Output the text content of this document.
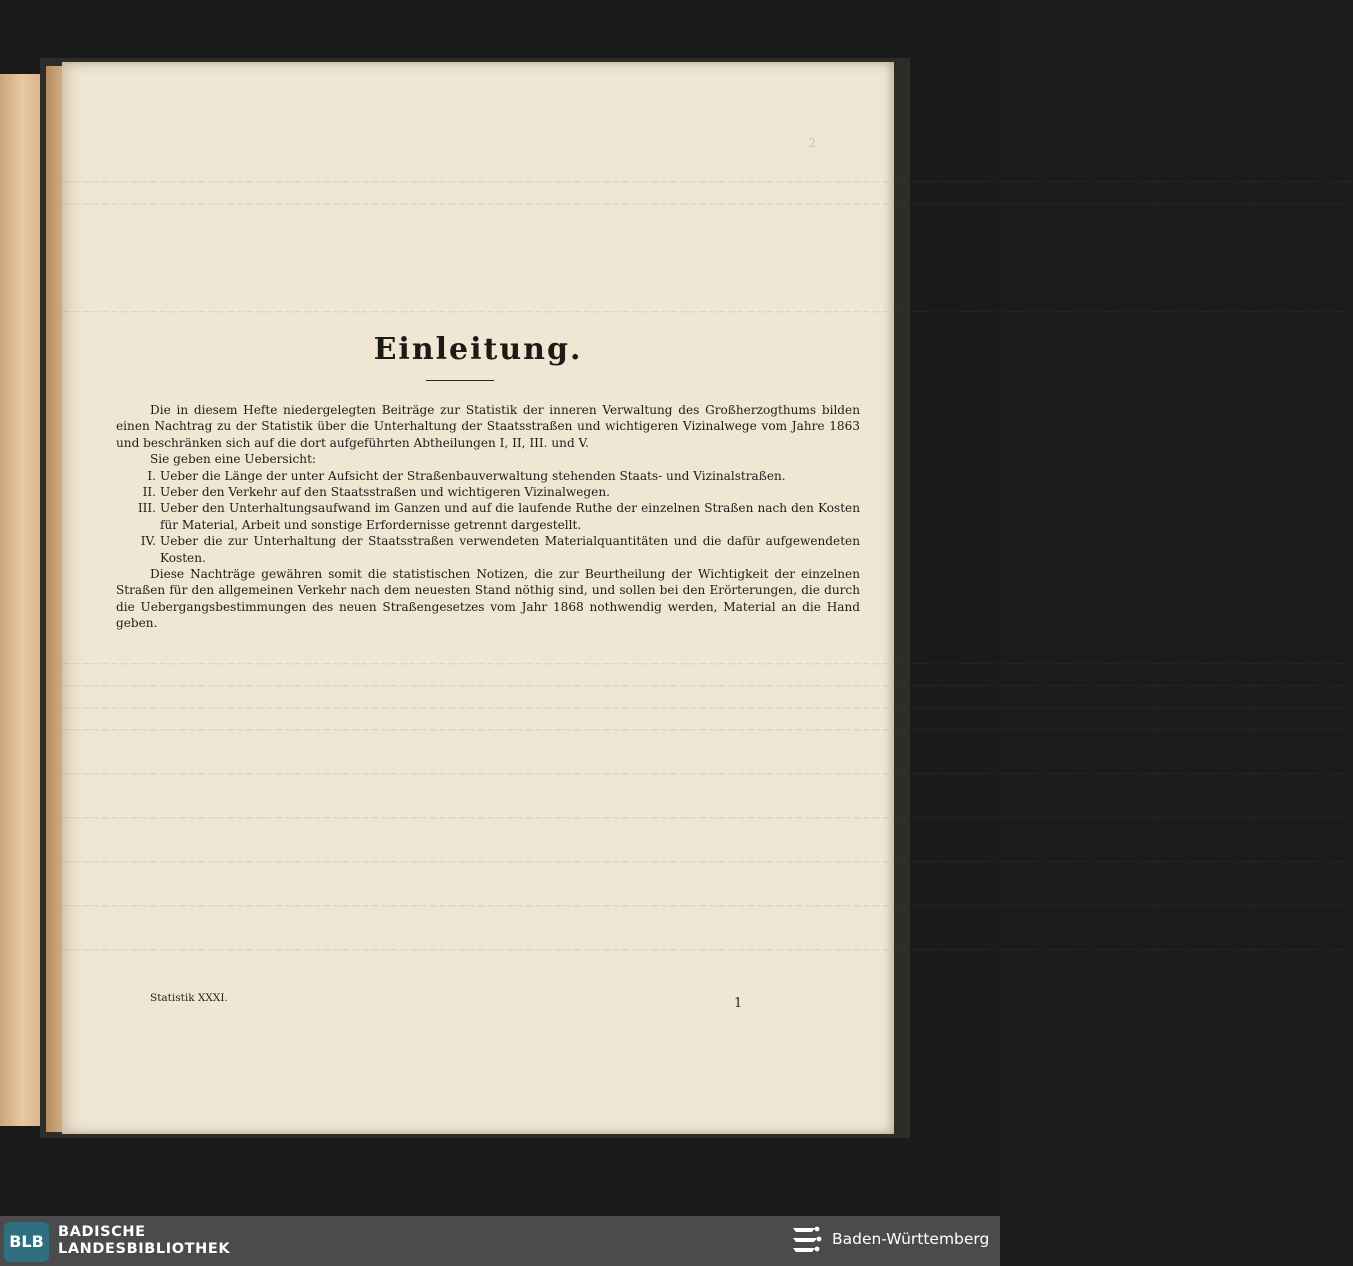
2
~~~~~~~~~~~~~~~~~~~~~~~~~~~~~~~~~~~~~~~~~~~~~~~~~~~~~~~~~~~~~~~~~~~~~~~~~~~~~~~~~~~~~~~~~~~~~~~~~~~~~~~~~~~~~~~~~~~~~~~~~~~~~~~~~~~~~~
~~~~~~~~~~~~~~~~~~~~~~~~~~~~~~~~~~~~~~~~~~~~~~~~~~~~~~~~~~~~~~~~~~~~~~~~~~~~~~~~~~~~~~~~~~~~~~~~~~~~~~~~~~~~~~~~~~~~~~~~~~~~~~~~~~~~~
~~~~~~~~~~~~~~~~~~~~~~~~~~~~~~~~~~~~~~~~~~~~~~~~~~~~~~~~~~~~~~~~~~~~~~~~~~~~~~~~~~~~~~~~~~~~~~~~~~~~~~~~~~~~~~~~~~~~~~~~~~~~~~~~~~~~~
~~~~~~~~~~~~~~~~~~~~~~~~~~~~~~~~~~~~~~~~~~~~~~~~~~~~~~~~~~~~~~~~~~~~~~~~~~~~~~~~~~~~~~~~~~~~~~~~~~~~~~~~~~~~~~~~~~~~~~~~~~~~~~~~~~~~~
~~~~~~~~~~~~~~~~~~~~~~~~~~~~~~~~~~~~~~~~~~~~~~~~~~~~~~~~~~~~~~~~~~~~~~~~~~~~~~~~~~~~~~~~~~~~~~~~~~~~~~~~~~~~~~~~~~~~~~~~~~~~~~~~~~~~~
~~~~~~~~~~~~~~~~~~~~~~~~~~~~~~~~~~~~~~~~~~~~~~~~~~~~~~~~~~~~~~~~~~~~~~~~~~~~~~~~~~~~~~~~~~~~~~~~~~~~~~~~~~~~~~~~~~~~~~~~~~~~~~~~~~~~~
~~~~~~~~~~~~~~~~~~~~~~~~~~~~~~~~~~~~~~~~~~~~~~~~~~~~~~~~~~~~~~~~~~~~~~~~~~~~~~~~~~~~~~~~~~~~~~~~~~~~~~~~~~~~~~~~~~~~~~~~~~~~~~~~~~~~~
~~~~~~~~~~~~~~~~~~~~~~~~~~~~~~~~~~~~~~~~~~~~~~~~~~~~~~~~~~~~~~~~~~~~~~~~~~~~~~~~~~~~~~~~~~~~~~~~~~~~~~~~~~~~~~~~~~~~~~~~~~~~~~~~~~~~~
~~~~~~~~~~~~~~~~~~~~~~~~~~~~~~~~~~~~~~~~~~~~~~~~~~~~~~~~~~~~~~~~~~~~~~~~~~~~~~~~~~~~~~~~~~~~~~~~~~~~~~~~~~~~~~~~~~~~~~~~~~~~~~~~~~~~~
~~~~~~~~~~~~~~~~~~~~~~~~~~~~~~~~~~~~~~~~~~~~~~~~~~~~~~~~~~~~~~~~~~~~~~~~~~~~~~~~~~~~~~~~~~~~~~~~~~~~~~~~~~~~~~~~~~~~~~~~~~~~~~~~~~~~~
~~~~~~~~~~~~~~~~~~~~~~~~~~~~~~~~~~~~~~~~~~~~~~~~~~~~~~~~~~~~~~~~~~~~~~~~~~~~~~~~~~~~~~~~~~~~~~~~~~~~~~~~~~~~~~~~~~~~~~~~~~~~~~~~~~~~~
~~~~~~~~~~~~~~~~~~~~~~~~~~~~~~~~~~~~~~~~~~~~~~~~~~~~~~~~~~~~~~~~~~~~~~~~~~~~~~~~~~~~~~~~~~~~~~~~~~~~~~~~~~~~~~~~~~~~~~~~~~~~~~~~~~~~~
Einleitung.

Die in diesem Hefte niedergelegten Beiträge zur Statistik der inneren Verwaltung des Großherzogthums bilden einen Nachtrag zu der Statistik über die Unterhaltung der Staatsstraßen und wichtigeren Vizinalwege vom Jahre 1863 und beschränken sich auf die dort aufgeführten Abtheilungen I, II, III. und V.

Sie geben eine Uebersicht:

I. Ueber die Länge der unter Aufsicht der Straßenbauverwaltung stehenden Staats- und Vizinalstraßen.
II. Ueber den Verkehr auf den Staatsstraßen und wichtigeren Vizinalwegen.
III. Ueber den Unterhaltungsaufwand im Ganzen und auf die laufende Ruthe der einzelnen Straßen nach den Kosten für Material, Arbeit und sonstige Erfordernisse getrennt dargestellt.
IV. Ueber die zur Unterhaltung der Staatsstraßen verwendeten Materialquantitäten und die dafür aufgewendeten Kosten.

Diese Nachträge gewähren somit die statistischen Notizen, die zur Beurtheilung der Wichtigkeit der einzelnen Straßen für den allgemeinen Verkehr nach dem neuesten Stand nöthig sind, und sollen bei den Erörterungen, die durch die Uebergangsbestimmungen des neuen Straßengesetzes vom Jahr 1868 nothwendig werden, Material an die Hand geben.

Statistik XXXI.	1
BLB BADISCHE
LANDESBIBLIOTHEK
Baden-Württemberg
